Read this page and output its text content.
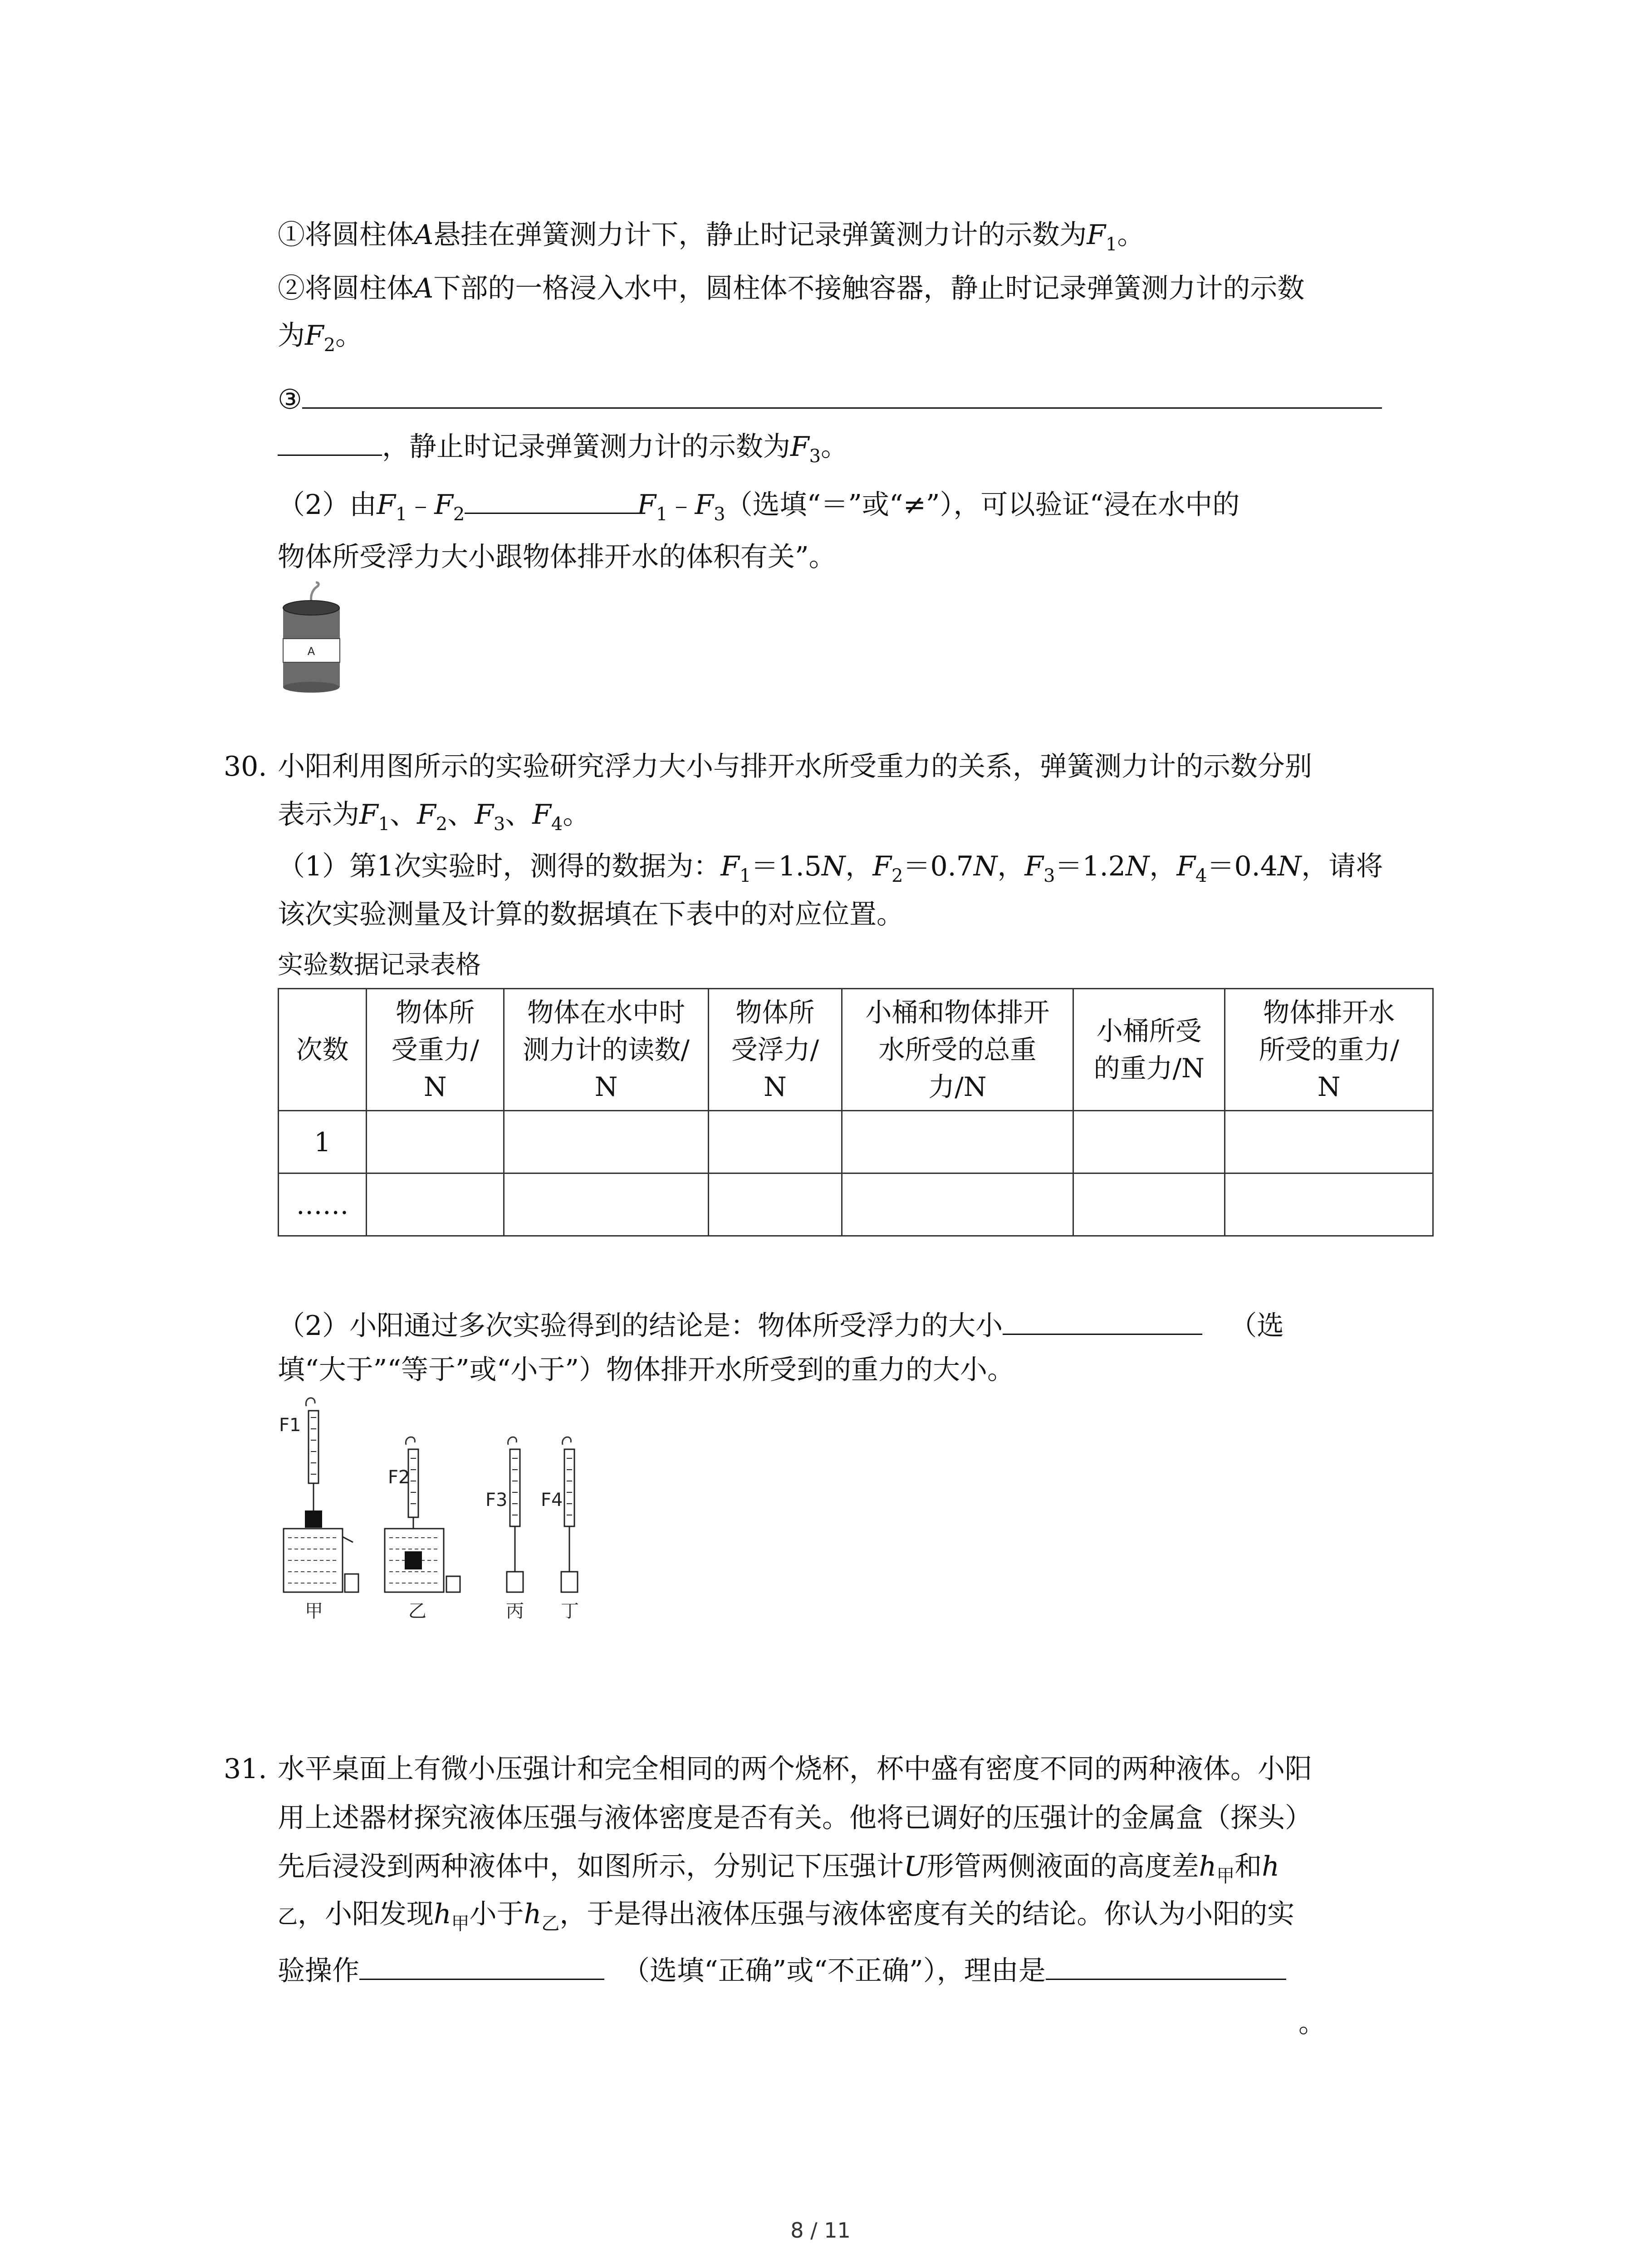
①将圆柱体A悬挂在弹簧测力计下，静止时记录弹簧测力计的示数为$F_1$。
②将圆柱体A下部的一格浸入水中，圆柱体不接触容器，静止时记录弹簧测力计的示数
为$F_2$。
③
，静止时记录弹簧测力计的示数为$F_3$。
（2）由$F_1﹣F_2$	$F_1﹣F_3$（选填“＝”或“≠”），可以验证“浸在水中的
物体所受浮力大小跟物体排开水的体积有关”。
A
30. 小阳利用图所示的实验研究浮力大小与排开水所受重力的关系，弹簧测力计的示数分别
表示为$F_1$、$F_2$、$F_3$、$F_4$。
（1）第1次实验时，测得的数据为：$F_1=1.5N$，$F_2=0.7N$，$F_3=1.2N$，$F_4=0.4N$，请将
该次实验测量及计算的数据填在下表中的对应位置。
实验数据记录表格
次数	物体所
受重力/
N	物体在水中时
测力计的读数/
N	物体所
受浮力/
N	小桶和物体排开
水所受的总重
力/N	小桶所受
的重力/N	物体排开水
所受的重力/
N
1						
……						
（2）小阳通过多次实验得到的结论是：物体所受浮力的大小	（选
填“大于”“等于”或“小于”）物体排开水所受到的重力的大小。
F1
甲
F2
乙
F3
丙
F4
丁
31. 水平桌面上有微小压强计和完全相同的两个烧杯，杯中盛有密度不同的两种液体。小阳
用上述器材探究液体压强与液体密度是否有关。他将已调好的压强计的金属盒（探头）
先后浸没到两种液体中，如图所示，分别记下压强计U形管两侧液面的高度差$h_甲$和h
乙，小阳发现$h_甲$小于$h_乙$，于是得出液体压强与液体密度有关的结论。你认为小阳的实
验操作	（选填“正确”或“不正确”），理由是
。
8 / 11
